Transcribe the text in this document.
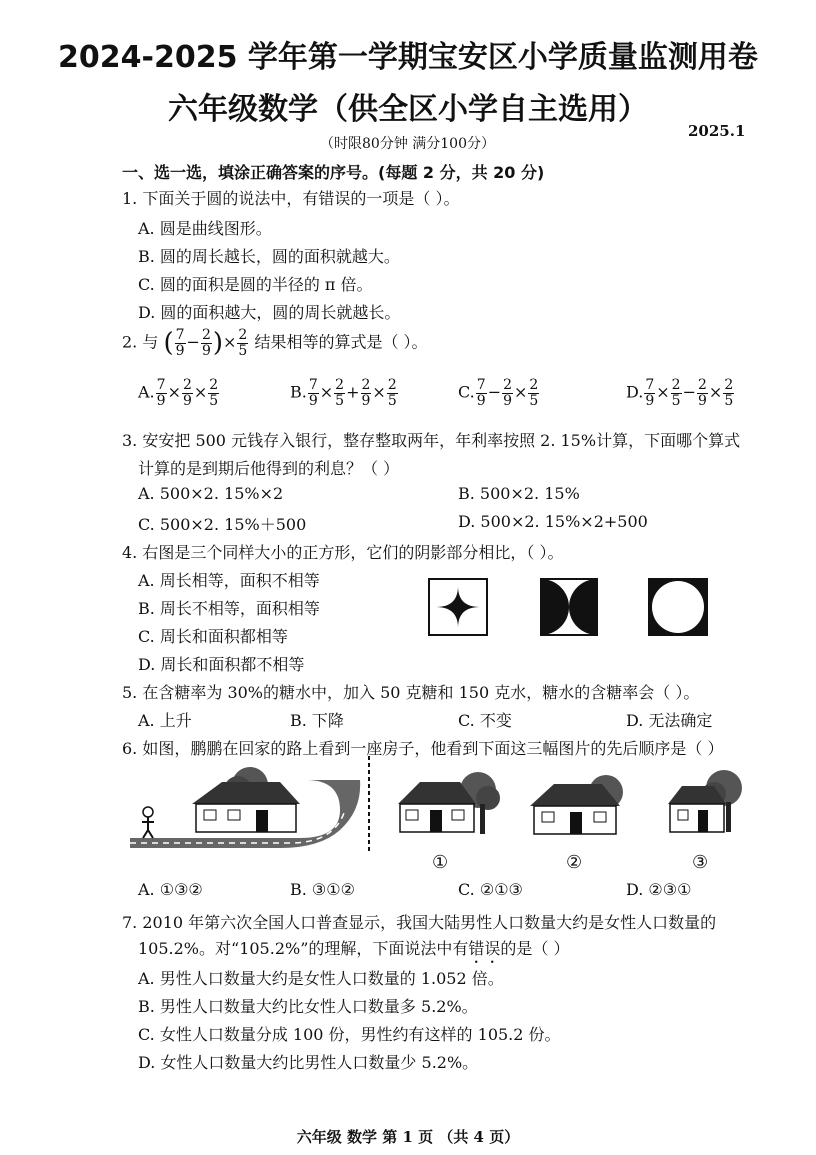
2024-2025 学年第一学期宝安区小学质量监测用卷
六年级数学（供全区小学自主选用）
（时限80分钟 满分100分）
2025.1
一、选一选，填涂正确答案的序号。(每题 2 分，共 20 分)
1. 下面关于圆的说法中，有错误的一项是（ ）。
A. 圆是曲线图形。
B. 圆的周长越长，圆的面积就越大。
C. 圆的面积是圆的半径的 π 倍。
D. 圆的面积越大，圆的周长就越长。
2. 与 ( $\frac{7}{9} - \frac{2}{9}$ )× $\frac{2}{5}$ 结果相等的算式是（ ）。
A. $\frac{7}{9} \times \frac{2}{9} \times \frac{2}{5}$	B. $\frac{7}{9} \times \frac{2}{5} + \frac{2}{9} \times \frac{2}{5}$	C. $\frac{7}{9} - \frac{2}{9} \times \frac{2}{5}$	D. $\frac{7}{9} \times \frac{2}{5} - \frac{2}{9} \times \frac{2}{5}$
3. 安安把 500 元钱存入银行，整存整取两年，年利率按照 2. 15%计算，下面哪个算式
计算的是到期后他得到的利息？（ ）
A. 500×2. 15%×2	B. 500×2. 15%
C. 500×2. 15%＋500	D. 500×2. 15%×2+500
4. 右图是三个同样大小的正方形，它们的阴影部分相比，（ ）。
A. 周长相等，面积不相等
B. 周长不相等，面积相等
C. 周长和面积都相等
D. 周长和面积都不相等
5. 在含糖率为 30%的糖水中，加入 50 克糖和 150 克水，糖水的含糖率会（ ）。
A. 上升	B. 下降	C. 不变	D. 无法确定
6. 如图，鹏鹏在回家的路上看到一座房子，他看到下面这三幅图片的先后顺序是（ ）
①	②	③
A. ①③②	B. ③①②	C. ②①③	D. ②③①
7. 2010 年第六次全国人口普查显示，我国大陆男性人口数量大约是女性人口数量的
105.2%。对“105.2%”的理解，下面说法中有错误的是（ ）
A. 男性人口数量大约是女性人口数量的 1.052 倍。
B. 男性人口数量大约比女性人口数量多 5.2%。
C. 女性人口数量分成 100 份，男性约有这样的 105.2 份。
D. 女性人口数量大约比男性人口数量少 5.2%。
六年级 数学 第 1 页 （共 4 页）
